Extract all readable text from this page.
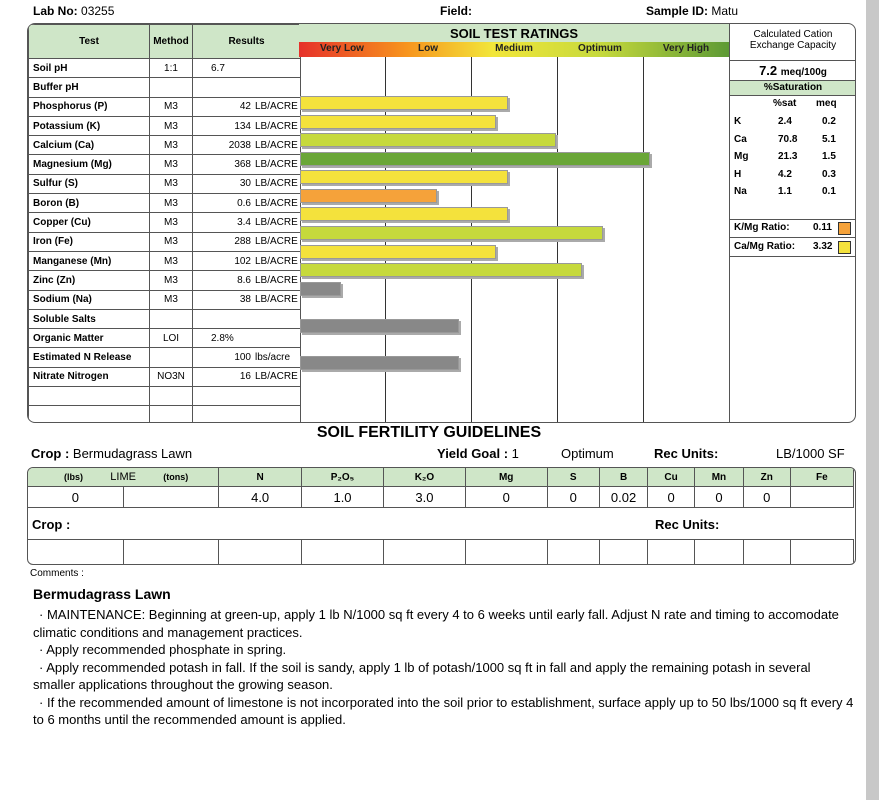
Lab No: 03255	Field:	Sample ID: Matu
Test	Method	Results
Soil pH	1:1	6.7
Buffer pH		
Phosphorus (P)	M3	42 LB/ACRE
Potassium (K)	M3	134 LB/ACRE
Calcium (Ca)	M3	2038 LB/ACRE
Magnesium (Mg)	M3	368 LB/ACRE
Sulfur (S)	M3	30 LB/ACRE
Boron (B)	M3	0.6 LB/ACRE
Copper (Cu)	M3	3.4 LB/ACRE
Iron (Fe)	M3	288 LB/ACRE
Manganese (Mn)	M3	102 LB/ACRE
Zinc (Zn)	M3	8.6 LB/ACRE
Sodium (Na)	M3	38 LB/ACRE
Soluble Salts		
Organic Matter	LOI	2.8%
Estimated N Release		100 lbs/acre
Nitrate Nitrogen	NO3N	16 LB/ACRE

SOIL TEST RATINGS
Very Low	Low	Medium	Optimum	Very High
Calculated Cation
Exchange Capacity
7.2 meq/100g
%Saturation
%sat meq
K	2.4	0.2
Ca	70.8 5.1
Mg	21.3 1.5
H	4.2	0.3
Na	1.1	0.1
K/Mg Ratio: 0.11
Ca/Mg Ratio: 3.32
SOIL FERTILITY GUIDELINES
Crop : Bermudagrass Lawn	Yield Goal : 1	Optimum	Rec Units:	LB/1000 SF
(lbs) LIME (tons)		N	P₂O₅	K₂O	Mg	S	B	Cu	Mn	Zn	Fe
0		4.0	1.0	3.0	0	0	0.02	0	0	0	
Crop :	Rec Units:

Comments :
Bermudagrass Lawn
· MAINTENANCE: Beginning at green-up, apply 1 lb N/1000 sq ft every 4 to 6 weeks until early fall. Adjust N rate and timing to accomodate climatic conditions and management practices.
· Apply recommended phosphate in spring.
· Apply recommended potash in fall. If the soil is sandy, apply 1 lb of potash/1000 sq ft in fall and apply the remaining potash in several smaller applications throughout the growing season.
· If the recommended amount of limestone is not incorporated into the soil prior to establishment, surface apply up to 50 lbs/1000 sq ft every 4 to 6 months until the recommended amount is applied.
